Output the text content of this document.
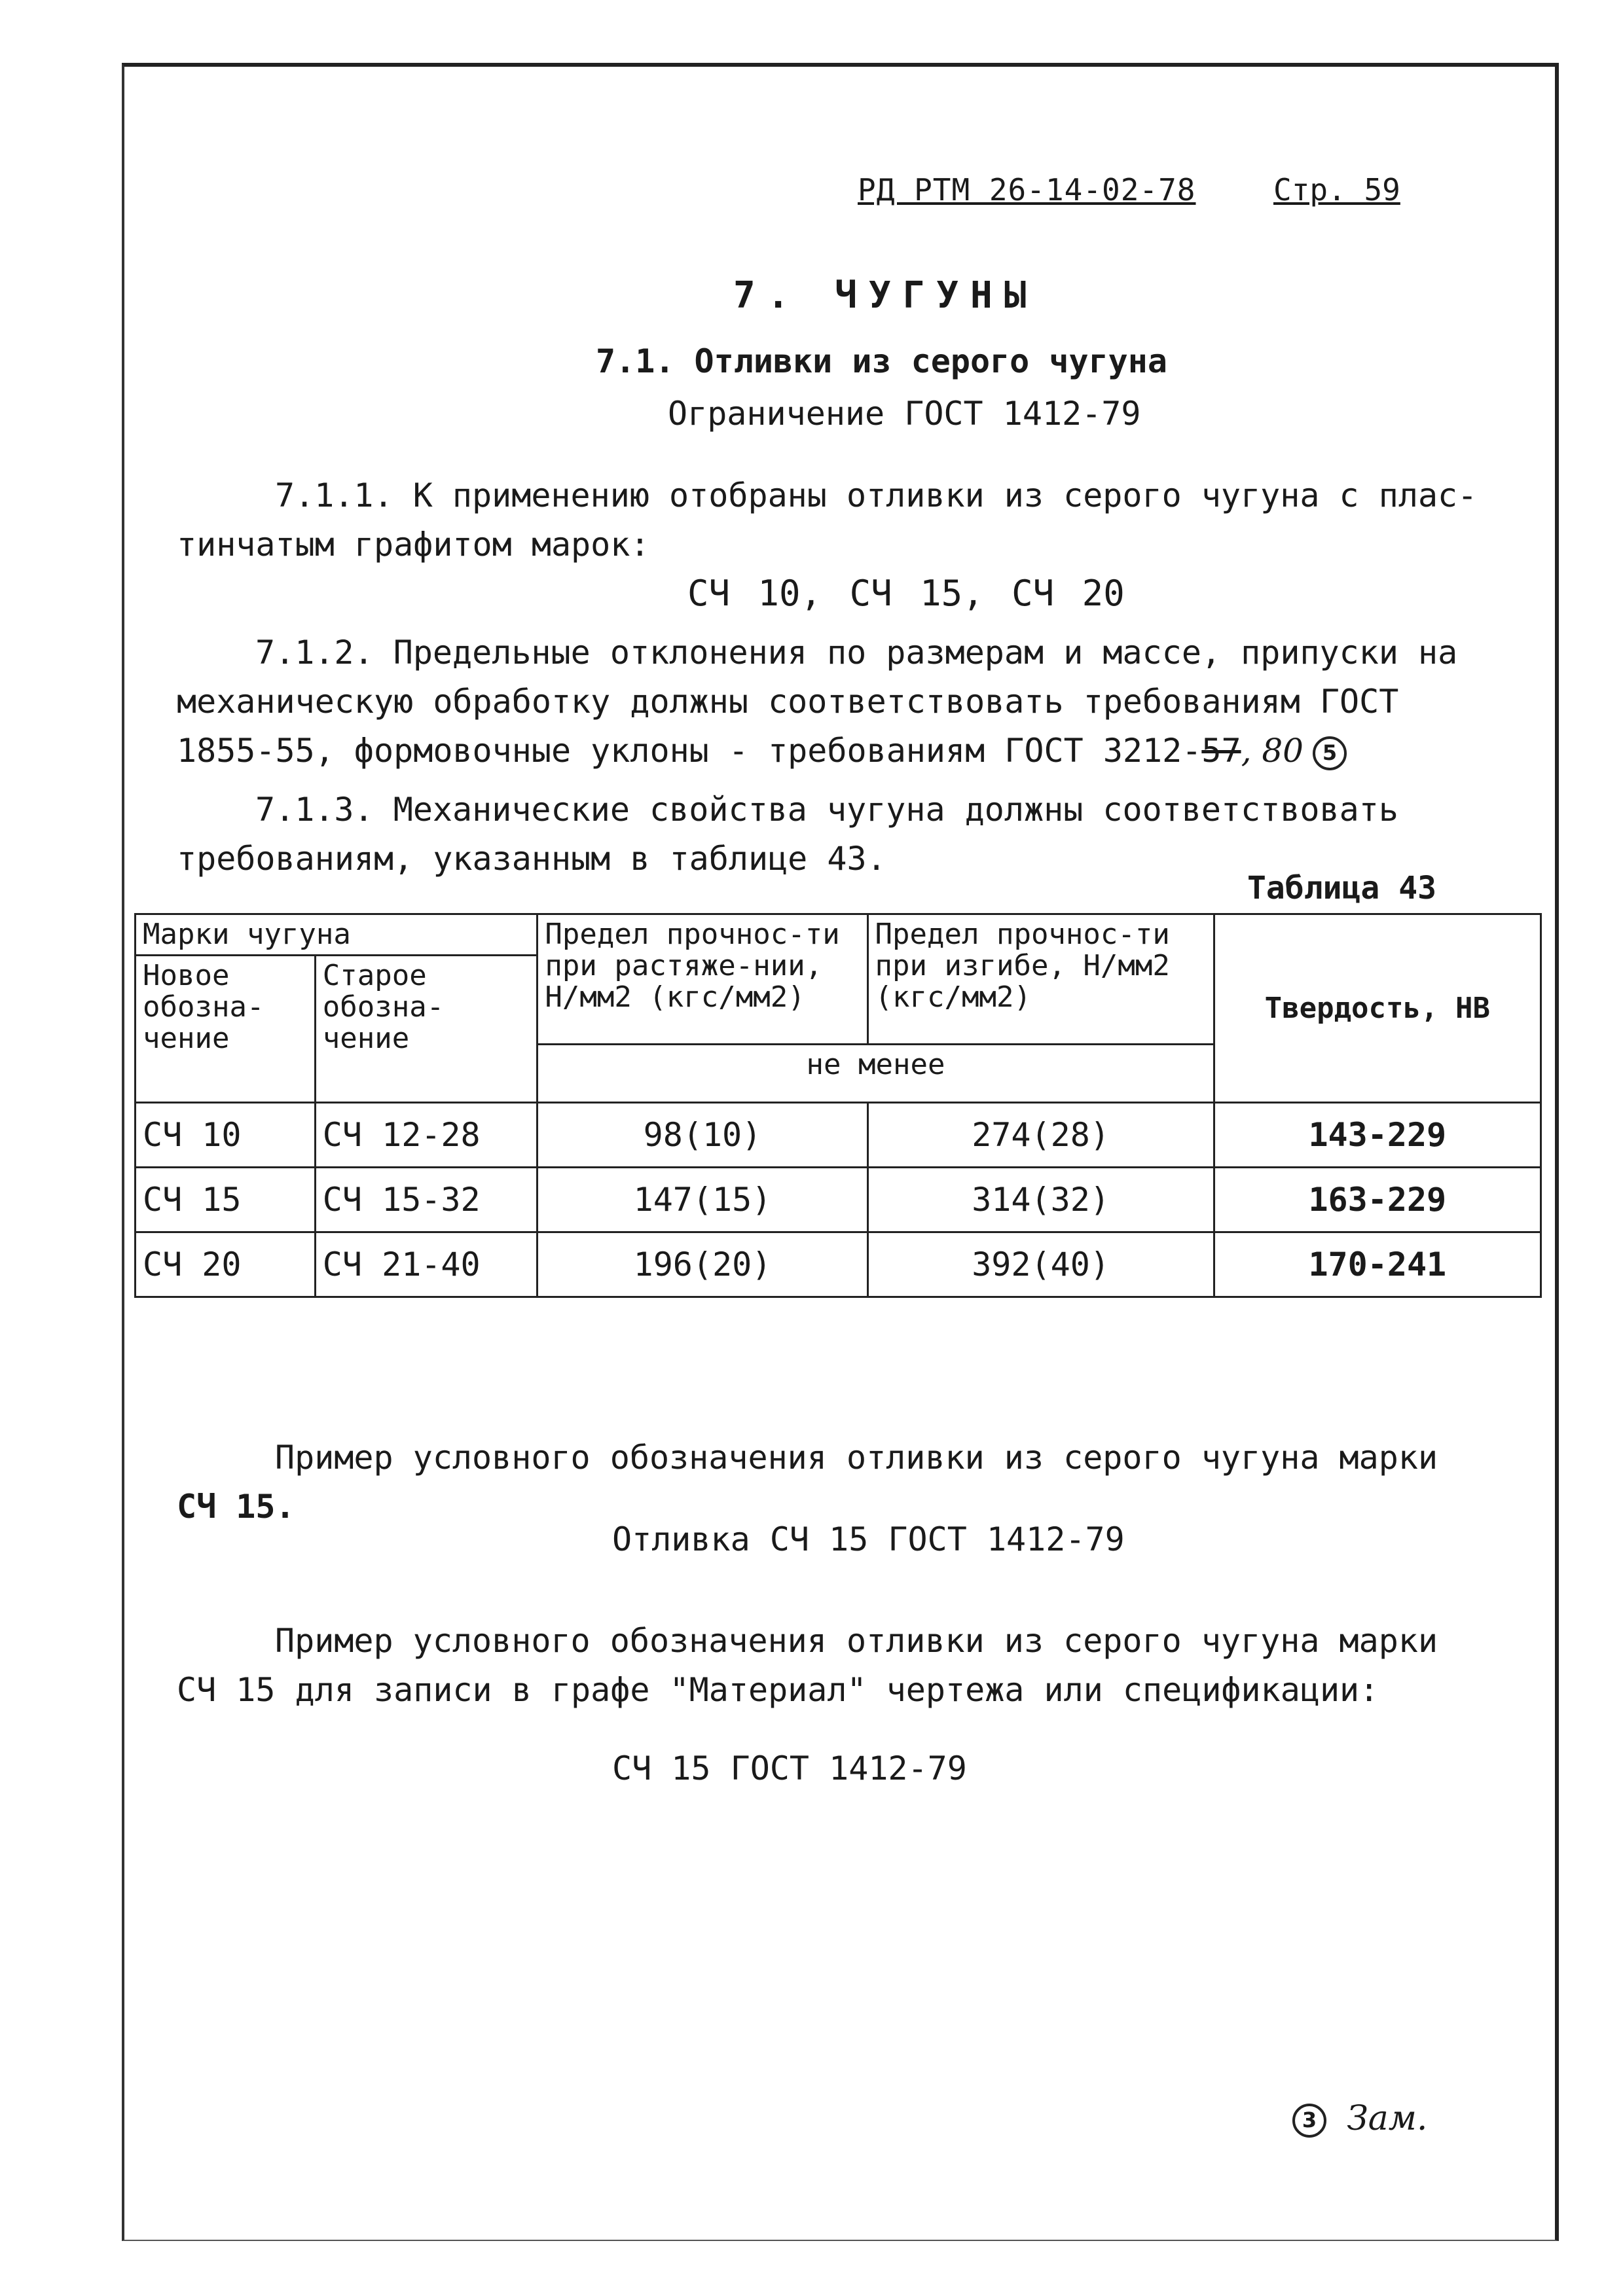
РД РТМ 26-14-02-78	Стр. 59
7. ЧУГУНЫ
7.1. Отливки из серого чугуна
Ограничение ГОСТ 1412-79
7.1.1. К применению отобраны отливки из серого чугуна с плас-
тинчатым графитом марок:
СЧ 10, СЧ 15, СЧ 20
7.1.2. Предельные отклонения по размерам и массе, припуски на
механическую обработку должны соответствовать требованиям ГОСТ
1855-55, формовочные уклоны - требованиям ГОСТ 3212-57, 80 5
7.1.3. Механические свойства чугуна должны соответствовать
требованиям, указанным в таблице 43.
Таблица 43
Марки чугуна		Предел прочнос-ти при растяже-нии, Н/мм2 (кгс/мм2)	Предел прочнос-ти при изгибе, Н/мм2 (кгс/мм2)	Твердость, НВ
Новое обозна-чение	Старое обозна-чение			
		не менее		
СЧ 10	СЧ 12-28	98(10)	274(28)	143-229
СЧ 15	СЧ 15-32	147(15)	314(32)	163-229
СЧ 20	СЧ 21-40	196(20)	392(40)	170-241
Пример условного обозначения отливки из серого чугуна марки
СЧ 15.
Отливка СЧ 15 ГОСТ 1412-79
Пример условного обозначения отливки из серого чугуна марки
СЧ 15 для записи в графе "Материал" чертежа или спецификации:
СЧ 15 ГОСТ 1412-79
3 Зам.
